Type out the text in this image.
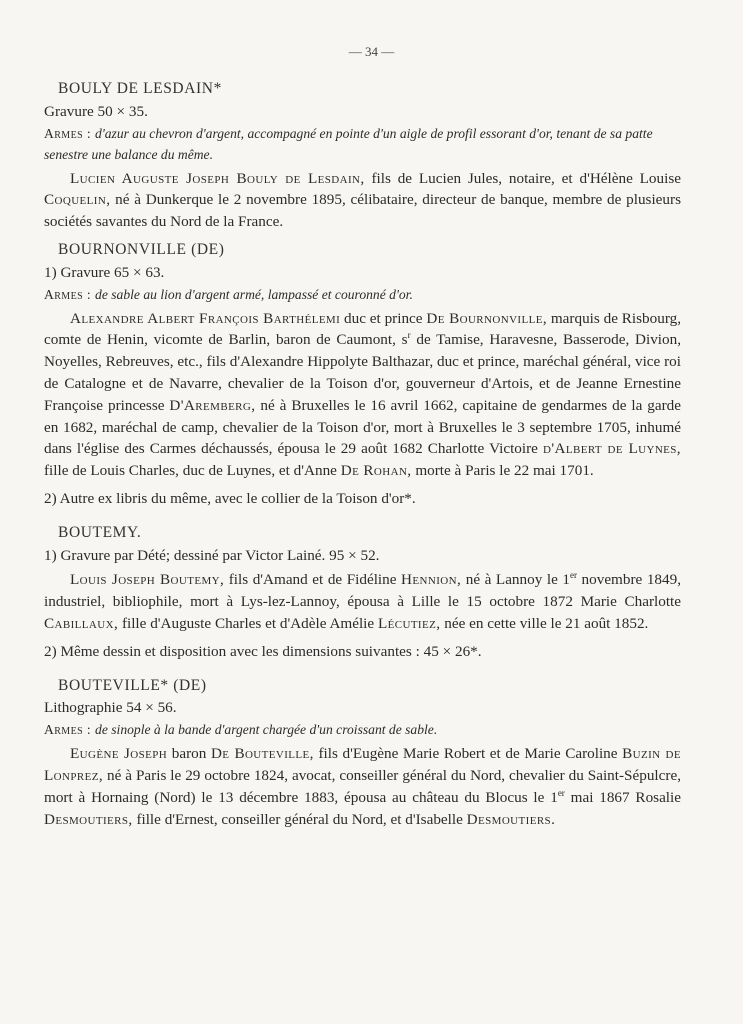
— 34 —
BOULY DE LESDAIN*
Gravure 50 × 35.
Armes : d'azur au chevron d'argent, accompagné en pointe d'un aigle de profil essorant d'or, tenant de sa patte senestre une balance du même.
Lucien Auguste Joseph Bouly de Lesdain, fils de Lucien Jules, notaire, et d'Hélène Louise Coquelin, né à Dunkerque le 2 novembre 1895, célibataire, directeur de banque, membre de plusieurs sociétés savantes du Nord de la France.
BOURNONVILLE (DE)
1) Gravure 65 × 63.
Armes : de sable au lion d'argent armé, lampassé et couronné d'or.
Alexandre Albert François Barthélemi duc et prince De Bournonville, marquis de Risbourg, comte de Henin, vicomte de Barlin, baron de Caumont, $s^r$ de Tamise, Haravesne, Basserode, Divion, Noyelles, Rebreuves, etc., fils d'Alexandre Hippolyte Balthazar, duc et prince, maréchal général, vice roi de Catalogne et de Navarre, chevalier de la Toison d'or, gouverneur d'Artois, et de Jeanne Ernestine Françoise princesse D'Aremberg, né à Bruxelles le 16 avril 1662, capitaine de gendarmes de la garde en 1682, maréchal de camp, chevalier de la Toison d'or, mort à Bruxelles le 3 septembre 1705, inhumé dans l'église des Carmes déchaussés, épousa le 29 août 1682 Charlotte Victoire d'Albert de Luynes, fille de Louis Charles, duc de Luynes, et d'Anne De Rohan, morte à Paris le 22 mai 1701.
2) Autre ex libris du même, avec le collier de la Toison d'or*.
BOUTEMY.
1) Gravure par Dété; dessiné par Victor Lainé. 95 × 52.
Louis Joseph Boutemy, fils d'Amand et de Fidéline Hennion, né à Lannoy le 1er novembre 1849, industriel, bibliophile, mort à Lys-lez-Lannoy, épousa à Lille le 15 octobre 1872 Marie Charlotte Cabillaux, fille d'Auguste Charles et d'Adèle Amélie Lécutiez, née en cette ville le 21 août 1852.
2) Même dessin et disposition avec les dimensions suivantes : 45 × 26*.
BOUTEVILLE* (DE)
Lithographie 54 × 56.
Armes : de sinople à la bande d'argent chargée d'un croissant de sable.
Eugène Joseph baron De Bouteville, fils d'Eugène Marie Robert et de Marie Caroline Buzin de Lonprez, né à Paris le 29 octobre 1824, avocat, conseiller général du Nord, chevalier du Saint-Sépulcre, mort à Hornaing (Nord) le 13 décembre 1883, épousa au château du Blocus le 1er mai 1867 Rosalie Desmoutiers, fille d'Ernest, conseiller général du Nord, et d'Isabelle Desmoutiers.
